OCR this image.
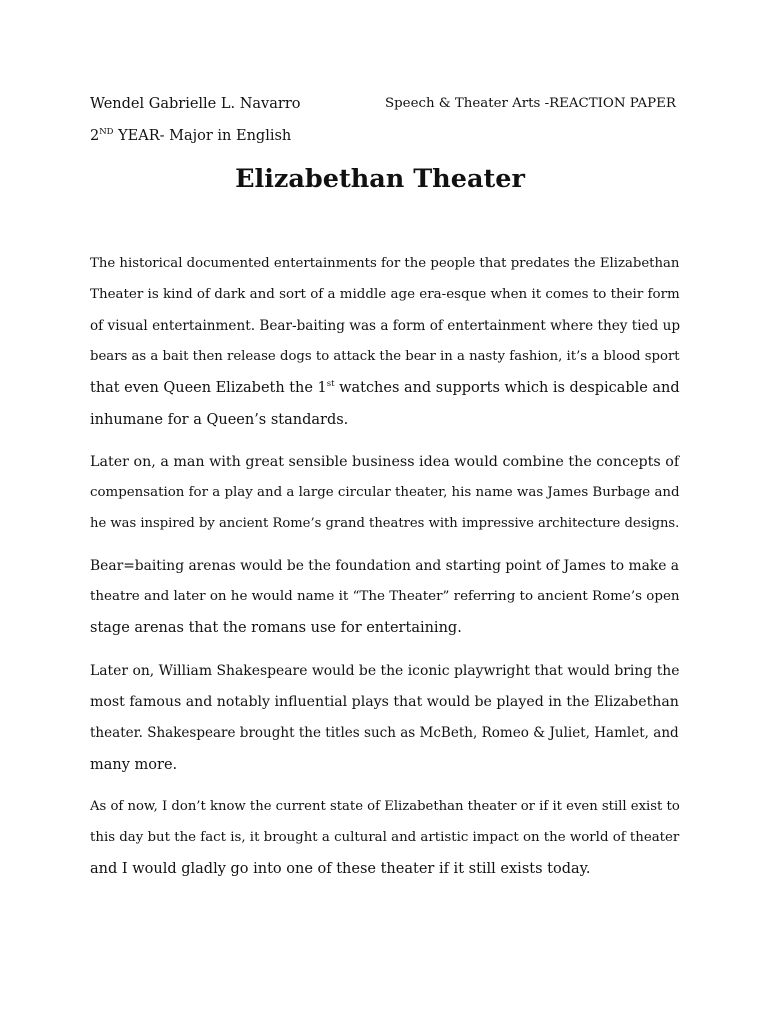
Wendel Gabrielle L. Navarro	Speech & Theater Arts -REACTION PAPER
2ND YEAR- Major in English
Elizabethan Theater
The historical documented entertainments for the people that predates the Elizabethan
Theater is kind of dark and sort of a middle age era-esque when it comes to their form
of visual entertainment. Bear-baiting was a form of entertainment where they tied up
bears as a bait then release dogs to attack the bear in a nasty fashion, it’s a blood sport
that even Queen Elizabeth the 1st watches and supports which is despicable and
inhumane for a Queen’s standards.
Later on, a man with great sensible business idea would combine the concepts of
compensation for a play and a large circular theater, his name was James Burbage and
he was inspired by ancient Rome’s grand theatres with impressive architecture designs.
Bear=baiting arenas would be the foundation and starting point of James to make a
theatre and later on he would name it “The Theater” referring to ancient Rome’s open
stage arenas that the romans use for entertaining.
Later on, William Shakespeare would be the iconic playwright that would bring the
most famous and notably influential plays that would be played in the Elizabethan
theater. Shakespeare brought the titles such as McBeth, Romeo & Juliet, Hamlet, and
many more.
As of now, I don’t know the current state of Elizabethan theater or if it even still exist to
this day but the fact is, it brought a cultural and artistic impact on the world of theater
and I would gladly go into one of these theater if it still exists today.
